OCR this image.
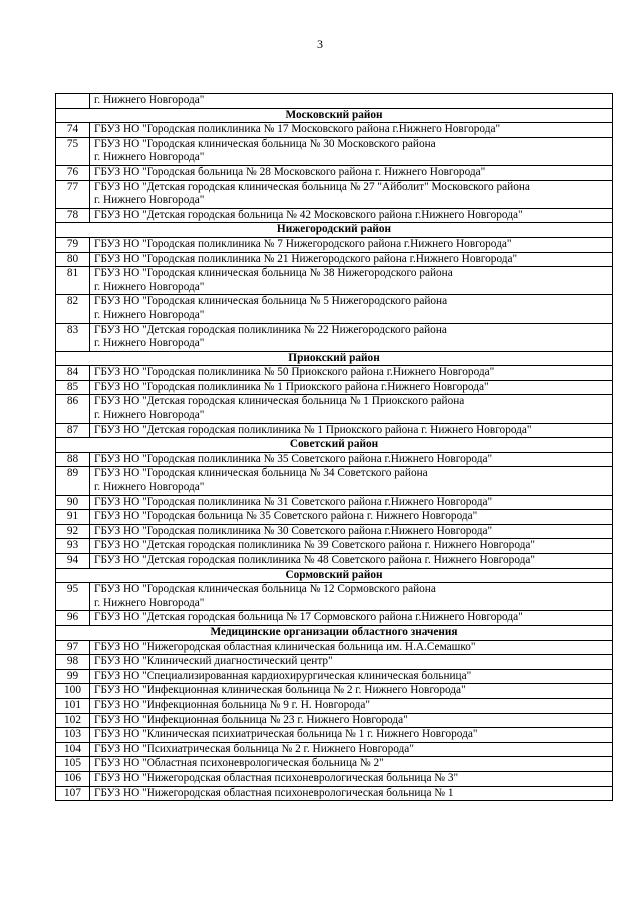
3

	г. Нижнего Новгорода"

Московский район	
74	ГБУЗ НО "Городская поликлиника № 17 Московского района г.Нижнего Новгорода"

75	ГБУЗ НО "Городская клиническая больница № 30 Московского района
г. Нижнего Новгорода"

76	ГБУЗ НО "Городская больница № 28 Московского района г. Нижнего Новгорода"

77	ГБУЗ НО "Детская городская клиническая больница № 27 "Айболит" Московского района
г. Нижнего Новгорода"

78	ГБУЗ НО "Детская городская больница № 42 Московского района г.Нижнего Новгорода"

Нижегородский район	
79	ГБУЗ НО "Городская поликлиника № 7 Нижегородского района г.Нижнего Новгорода"

80	ГБУЗ НО "Городская поликлиника № 21 Нижегородского района г.Нижнего Новгорода"

81	ГБУЗ НО "Городская клиническая больница № 38 Нижегородского района
г. Нижнего Новгорода"

82	ГБУЗ НО "Городская клиническая больница № 5 Нижегородского района
г. Нижнего Новгорода"

83	ГБУЗ НО "Детская городская поликлиника № 22 Нижегородского района
г. Нижнего Новгорода"

Приокский район	
84	ГБУЗ НО "Городская поликлиника № 50 Приокского района г.Нижнего Новгорода"

85	ГБУЗ НО "Городская поликлиника № 1 Приокского района г.Нижнего Новгорода"

86	ГБУЗ НО "Детская городская клиническая больница № 1 Приокского района
г. Нижнего Новгорода"

87	ГБУЗ НО "Детская городская поликлиника № 1 Приокского района г. Нижнего Новгорода"

Советский район	
88	ГБУЗ НО "Городская поликлиника № 35 Советского района г.Нижнего Новгорода"

89	ГБУЗ НО "Городская клиническая больница № 34 Советского района
г. Нижнего Новгорода"

90	ГБУЗ НО "Городская поликлиника № 31 Советского района г.Нижнего Новгорода"

91	ГБУЗ НО "Городская больница № 35 Советского района г. Нижнего Новгорода"

92	ГБУЗ НО "Городская поликлиника № 30 Советского района г.Нижнего Новгорода"

93	ГБУЗ НО "Детская городская поликлиника № 39 Советского района г. Нижнего Новгорода"

94	ГБУЗ НО "Детская городская поликлиника № 48 Советского района г. Нижнего Новгорода"

Сормовский район	
95	ГБУЗ НО "Городская клиническая больница № 12 Сормовского района
г. Нижнего Новгорода"

96	ГБУЗ НО "Детская городская больница № 17 Сормовского района г.Нижнего Новгорода"

Медицинские организации областного значения	
97	ГБУЗ НО "Нижегородская областная клиническая больница им. Н.А.Семашко"

98	ГБУЗ НО "Клинический диагностический центр"

99	ГБУЗ НО "Специализированная кардиохирургическая клиническая больница"

100	ГБУЗ НО "Инфекционная клиническая больница № 2 г. Нижнего Новгорода"

101	ГБУЗ НО "Инфекционная больница № 9 г. Н. Новгорода"

102	ГБУЗ НО "Инфекционная больница № 23 г. Нижнего Новгорода"

103	ГБУЗ НО "Клиническая психиатрическая больница № 1 г. Нижнего Новгорода"

104	ГБУЗ НО "Психиатрическая больница № 2 г. Нижнего Новгорода"

105	ГБУЗ НО "Областная психоневрологическая больница № 2"

106	ГБУЗ НО "Нижегородская областная психоневрологическая больница № 3"

107	ГБУЗ НО "Нижегородская областная психоневрологическая больница № 1
